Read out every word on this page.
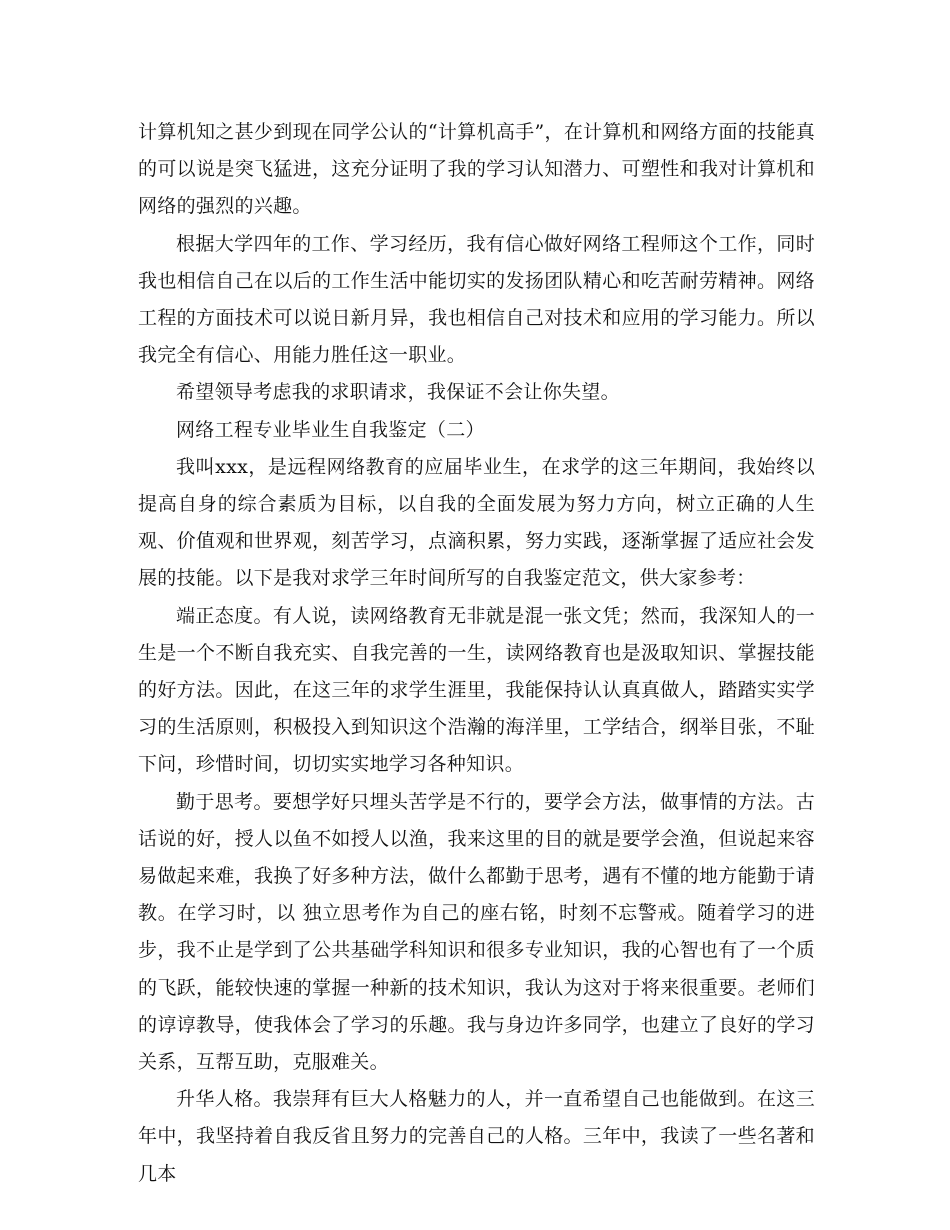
计算机知之甚少到现在同学公认的“计算机高手”，在计算机和网络方面的技能真的可以说是突飞猛进，这充分证明了我的学习认知潜力、可塑性和我对计算机和网络的强烈的兴趣。

根据大学四年的工作、学习经历，我有信心做好网络工程师这个工作，同时我也相信自己在以后的工作生活中能切实的发扬团队精心和吃苦耐劳精神。网络工程的方面技术可以说日新月异，我也相信自己对技术和应用的学习能力。所以我完全有信心、用能力胜任这一职业。

希望领导考虑我的求职请求，我保证不会让你失望。

网络工程专业毕业生自我鉴定（二）

我叫xxx，是远程网络教育的应届毕业生，在求学的这三年期间，我始终以提高自身的综合素质为目标，以自我的全面发展为努力方向，树立正确的人生观、价值观和世界观，刻苦学习，点滴积累，努力实践，逐渐掌握了适应社会发展的技能。以下是我对求学三年时间所写的自我鉴定范文，供大家参考：

端正态度。有人说，读网络教育无非就是混一张文凭；然而，我深知人的一生是一个不断自我充实、自我完善的一生，读网络教育也是汲取知识、掌握技能的好方法。因此，在这三年的求学生涯里，我能保持认认真真做人，踏踏实实学习的生活原则，积极投入到知识这个浩瀚的海洋里，工学结合，纲举目张，不耻下问，珍惜时间，切切实实地学习各种知识。

勤于思考。要想学好只埋头苦学是不行的，要学会方法，做事情的方法。古话说的好，授人以鱼不如授人以渔，我来这里的目的就是要学会渔，但说起来容易做起来难，我换了好多种方法，做什么都勤于思考，遇有不懂的地方能勤于请教。在学习时，以 独立思考作为自己的座右铭，时刻不忘警戒。随着学习的进步，我不止是学到了公共基础学科知识和很多专业知识，我的心智也有了一个质的飞跃，能较快速的掌握一种新的技术知识，我认为这对于将来很重要。老师们的谆谆教导，使我体会了学习的乐趣。我与身边许多同学，也建立了良好的学习关系，互帮互助，克服难关。

升华人格。我崇拜有巨大人格魅力的人，并一直希望自己也能做到。在这三年中，我坚持着自我反省且努力的完善自己的人格。三年中，我读了一些名著和几本
